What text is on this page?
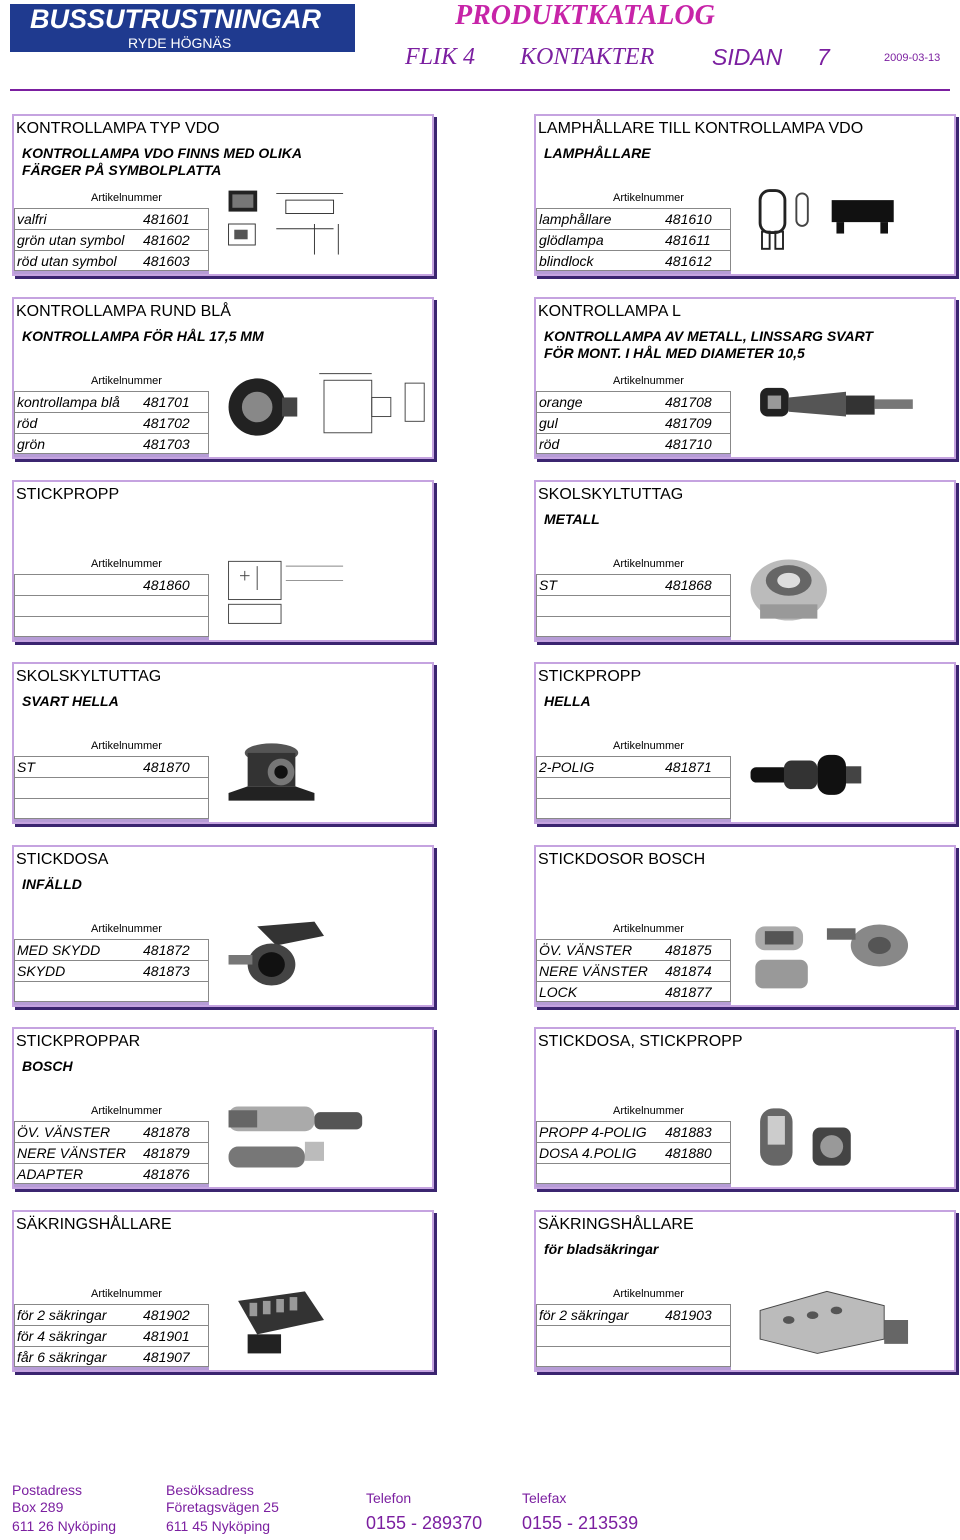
BUSSUTRUSTNINGAR
RYDE HÖGNÄS
PRODUKTKATALOG
FLIK 4 KONTAKTER	SIDAN 7	2009-03-13
KONTROLLAMPA TYP VDO
KONTROLLAMPA VDO FINNS MED OLIKA
FÄRGER PÅ SYMBOLPLATTA
Artikelnummer
valfri	481601
grön utan symbol	481602
röd utan symbol	481603
LAMPHÅLLARE TILL KONTROLLAMPA VDO
LAMPHÅLLARE
Artikelnummer
lamphållare	481610
glödlampa	481611
blindlock	481612
KONTROLLAMPA RUND BLÅ
KONTROLLAMPA FÖR HÅL 17,5 MM
Artikelnummer
kontrollampa blå	481701
röd	481702
grön	481703
KONTROLLAMPA L
KONTROLLAMPA AV METALL, LINSSARG SVART
FÖR MONT. I HÅL MED DIAMETER 10,5
Artikelnummer
orange	481708
gul	481709
röd	481710
STICKPROPP
Artikelnummer
481860
SKOLSKYLTUTTAG
METALL
Artikelnummer
ST	481868
SKOLSKYLTUTTAG
SVART HELLA
Artikelnummer
ST	481870
STICKPROPP
HELLA
Artikelnummer
2-POLIG	481871
STICKDOSA
INFÄLLD
Artikelnummer
MED SKYDD	481872
SKYDD	481873
STICKDOSOR BOSCH
Artikelnummer
ÖV. VÄNSTER	481875
NERE VÄNSTER	481874
LOCK	481877
STICKPROPPAR
BOSCH
Artikelnummer
ÖV. VÄNSTER	481878
NERE VÄNSTER	481879
ADAPTER	481876
STICKDOSA, STICKPROPP
Artikelnummer
PROPP 4-POLIG	481883
DOSA 4.POLIG	481880
SÄKRINGSHÅLLARE
Artikelnummer
för 2 säkringar	481902
för 4 säkringar	481901
får 6 säkringar	481907
SÄKRINGSHÅLLARE
för bladsäkringar
Artikelnummer
för 2 säkringar	481903
Postadress
Box 289
611 26 Nyköping
Besöksadress
Företagsvägen 25
611 45 Nyköping
Telefon
0155 - 289370
Telefax
0155 - 213539
